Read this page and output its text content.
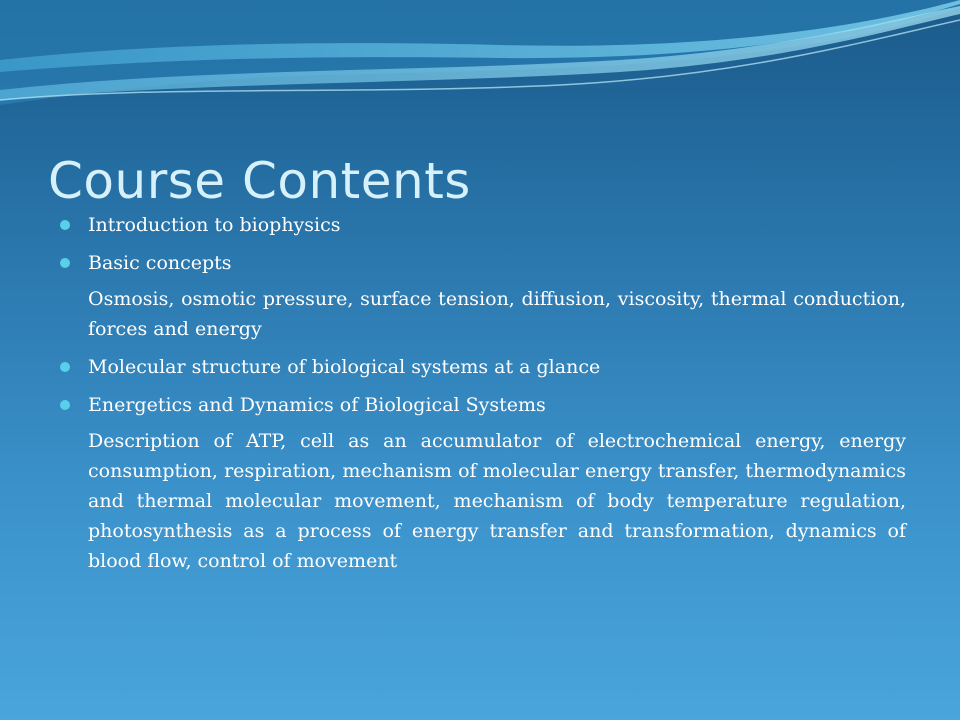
Course Contents
Introduction to biophysics
Basic concepts
Osmosis, osmotic pressure, surface tension, diffusion, viscosity, thermal conduction, forces and energy
Molecular structure of biological systems at a glance
Energetics and Dynamics of Biological Systems
Description of ATP, cell as an accumulator of electrochemical energy, energy consumption, respiration, mechanism of molecular energy transfer, thermodynamics and thermal molecular movement, mechanism of body temperature regulation, photosynthesis as a process of energy transfer and transformation, dynamics of blood flow, control of movement
